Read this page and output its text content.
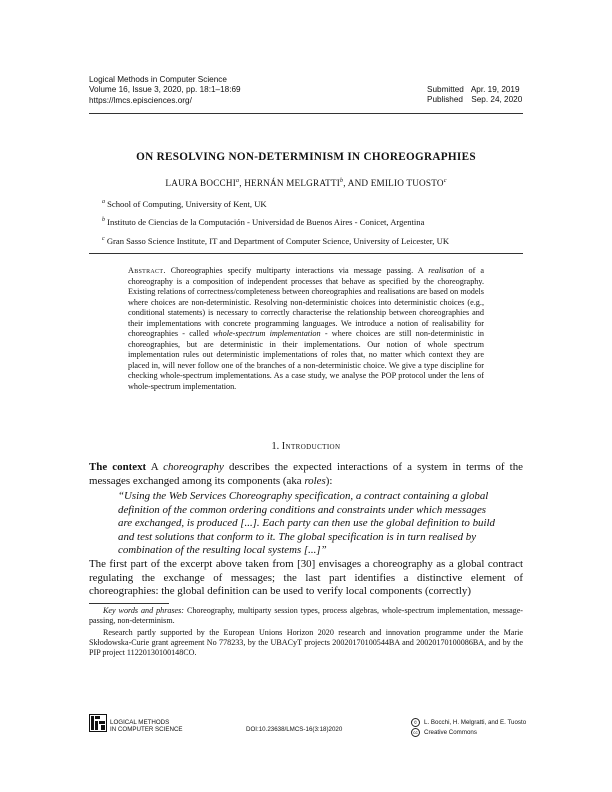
Logical Methods in Computer Science
Volume 16, Issue 3, 2020, pp. 18:1–18:69
https://lmcs.episciences.org/
Submitted Apr. 19, 2019
Published Sep. 24, 2020
ON RESOLVING NON-DETERMINISM IN CHOREOGRAPHIES
LAURA BOCCHI$^a$, HERNÁN MELGRATTI$^b$, AND EMILIO TUOSTO$^c$
$^a$ School of Computing, University of Kent, UK
$^b$ Instituto de Ciencias de la Computación - Universidad de Buenos Aires - Conicet, Argentina
$^c$ Gran Sasso Science Institute, IT and Department of Computer Science, University of Leicester, UK
Abstract. Choreographies specify multiparty interactions via message passing. A realisation of a choreography is a composition of independent processes that behave as specified by the choreography. Existing relations of correctness/completeness between choreographies and realisations are based on models where choices are non-deterministic. Resolving non-deterministic choices into deterministic choices (e.g., conditional statements) is necessary to correctly characterise the relationship between choreographies and their implementations with concrete programming languages. We introduce a notion of realisability for choreographies - called whole-spectrum implementation - where choices are still non-deterministic in choreographies, but are deterministic in their implementations. Our notion of whole spectrum implementation rules out deterministic implementations of roles that, no matter which context they are placed in, will never follow one of the branches of a non-deterministic choice. We give a type discipline for checking whole-spectrum implementations. As a case study, we analyse the POP protocol under the lens of whole-spectrum implementation.
1. Introduction
The context A choreography describes the expected interactions of a system in terms of the messages exchanged among its components (aka roles):
“Using the Web Services Choreography specification, a contract containing a global definition of the common ordering conditions and constraints under which messages are exchanged, is produced [...]. Each party can then use the global definition to build and test solutions that conform to it. The global specification is in turn realised by combination of the resulting local systems [...]”
The first part of the excerpt above taken from [30] envisages a choreography as a global contract regulating the exchange of messages; the last part identifies a distinctive element of choreographies: the global definition can be used to verify local components (correctly)
Key words and phrases: Choreography, multiparty session types, process algebras, whole-spectrum implementation, message-passing, non-determinism.
Research partly supported by the European Unions Horizon 2020 research and innovation programme under the Marie Skłodowska-Curie grant agreement No 778233, by the UBACyT projects 20020170100544BA and 20020170100086BA, and by the PIP project 11220130100148CO.
LOGICAL METHODS
IN COMPUTER SCIENCE	DOI:10.23638/LMCS-16(3:18)2020
© L. Bocchi, H. Melgratti, and E. Tuosto
cc Creative Commons
